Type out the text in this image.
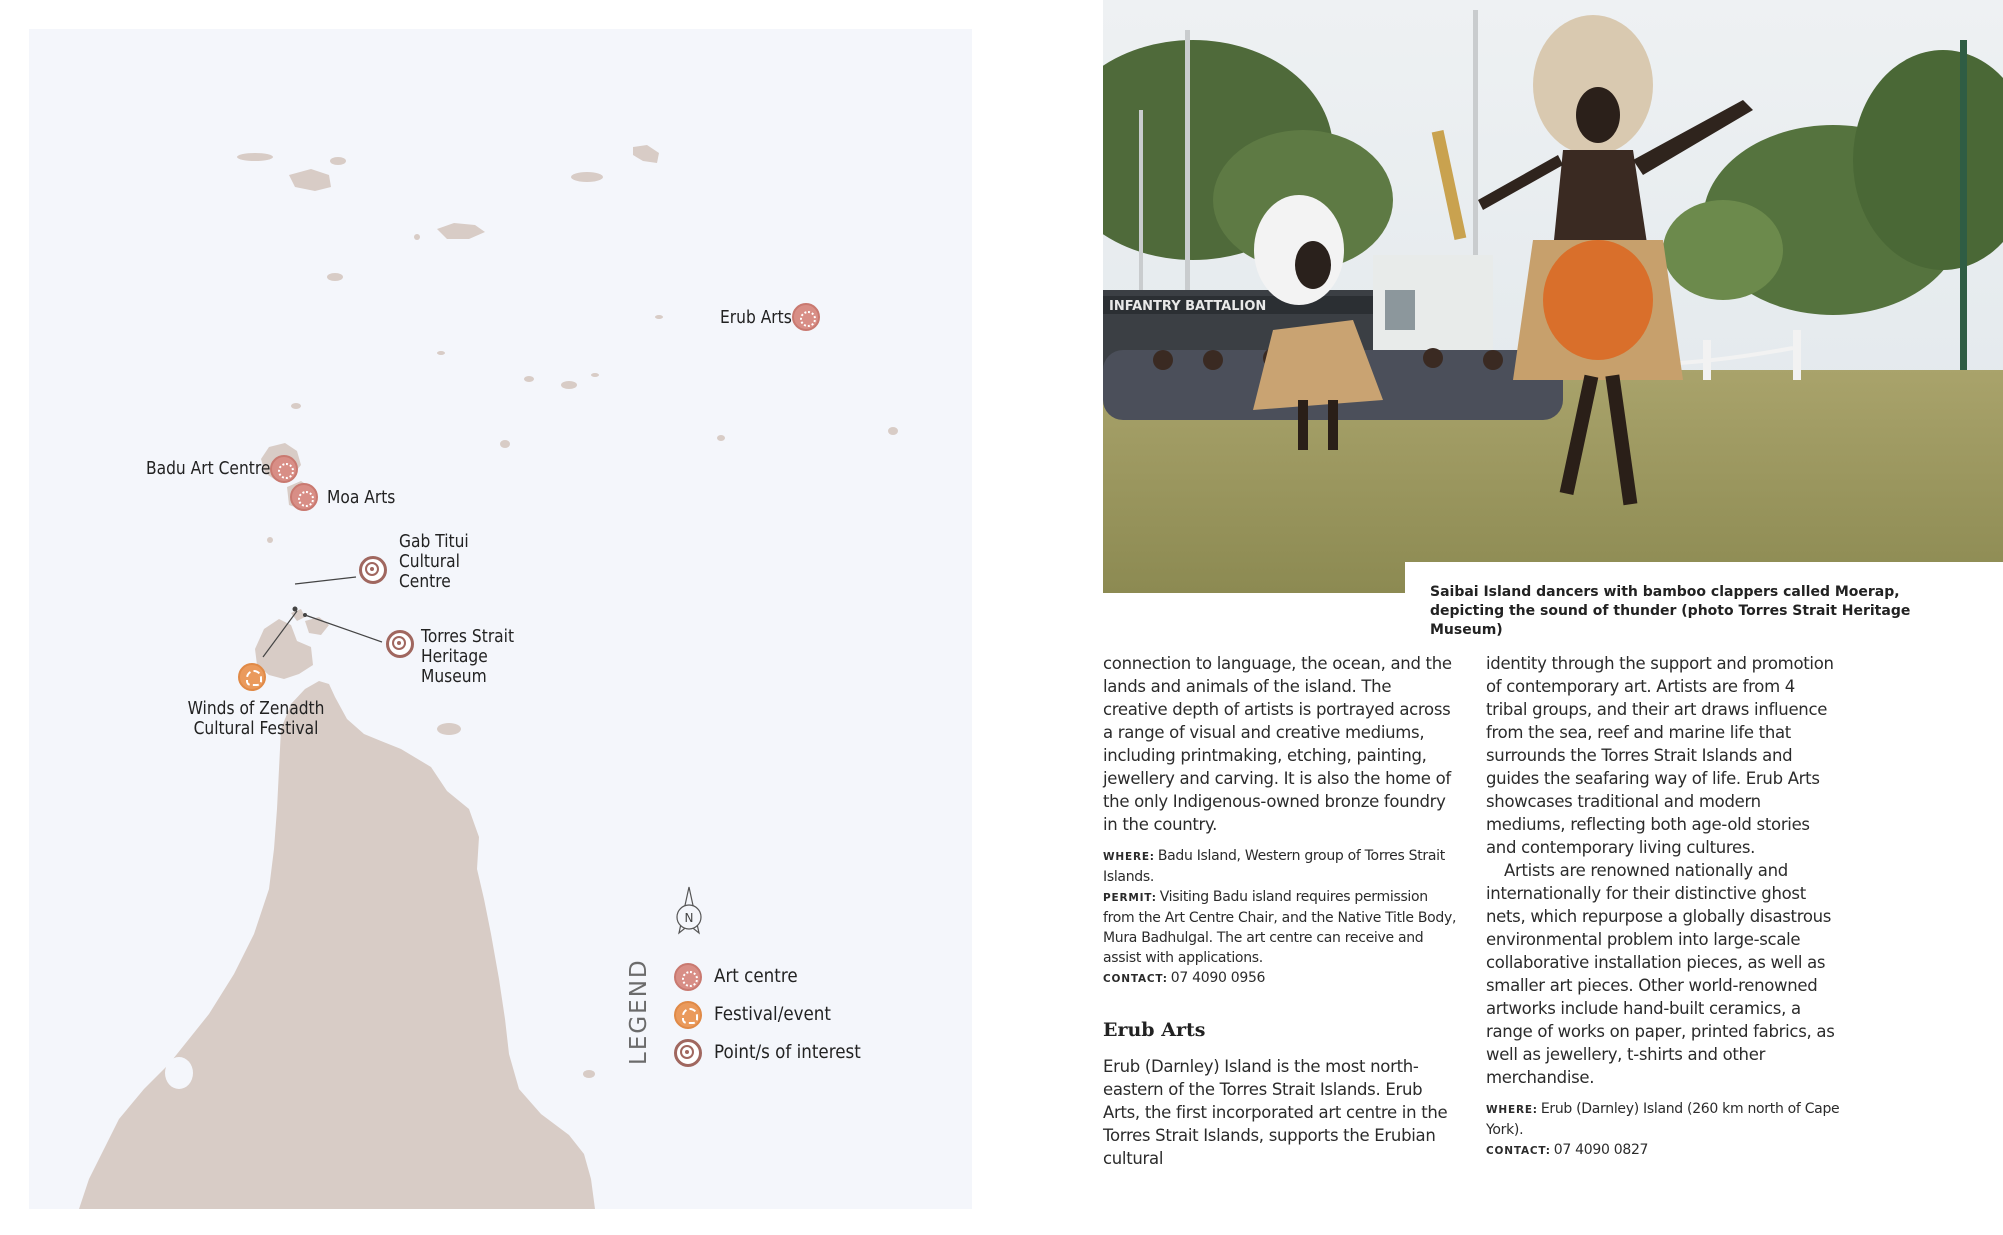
Erub Arts
Badu Art Centre
Moa Arts
Gab Titui
Cultural
Centre
Torres Strait
Heritage
Museum
Winds of Zenadth
Cultural Festival
N
LEGEND	Art centre
Festival/event
Point/s of interest
INFANTRY BATTALION
Saibai Island dancers with bamboo clappers called Moerap, depicting the sound of thunder (photo Torres Strait Heritage Museum)

connection to language, the ocean, and the lands and animals of the island. The creative depth of artists is portrayed across a range of visual and creative mediums, including printmaking, etching, painting, jewellery and carving. It is also the home of the only Indigenous-owned bronze foundry in the country.

WHERE: Badu Island, Western group of Torres Strait Islands.

PERMIT: Visiting Badu island requires permission from the Art Centre Chair, and the Native Title Body, Mura Badhulgal. The art centre can receive and assist with applications.

CONTACT: 07 4090 0956

Erub Arts

Erub (Darnley) Island is the most north-eastern of the Torres Strait Islands. Erub Arts, the first incorporated art centre in the Torres Strait Islands, supports the Erubian cultural

identity through the support and promotion of contemporary art. Artists are from 4 tribal groups, and their art draws influence from the sea, reef and marine life that surrounds the Torres Strait Islands and guides the seafaring way of life. Erub Arts showcases traditional and modern mediums, reflecting both age-old stories and contemporary living cultures.

Artists are renowned nationally and internationally for their distinctive ghost nets, which repurpose a globally disastrous environmental problem into large-scale collaborative installation pieces, as well as smaller art pieces. Other world-renowned artworks include hand-built ceramics, a range of works on paper, printed fabrics, as well as jewellery, t-shirts and other merchandise.

WHERE: Erub (Darnley) Island (260 km north of Cape York).

CONTACT: 07 4090 0827
